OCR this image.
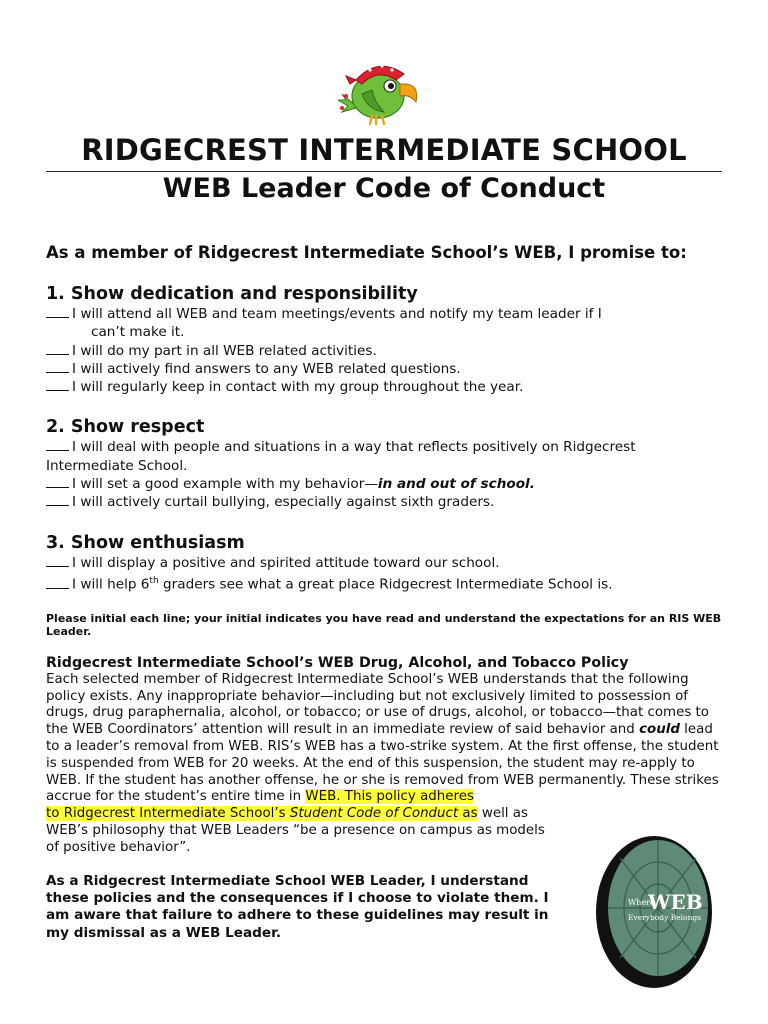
RIDGECREST INTERMEDIATE SCHOOL
WEB Leader Code of Conduct

As a member of Ridgecrest Intermediate School’s WEB, I promise to:

1. Show dedication and responsibility

I will attend all WEB and team meetings/events and notify my team leader if I

can’t make it.

I will do my part in all WEB related activities.

I will actively find answers to any WEB related questions.

I will regularly keep in contact with my group throughout the year.

2. Show respect

I will deal with people and situations in a way that reflects positively on Ridgecrest

Intermediate School.

I will set a good example with my behavior—in and out of school.

I will actively curtail bullying, especially against sixth graders.

3. Show enthusiasm

I will display a positive and spirited attitude toward our school.

I will help 6th graders see what a great place Ridgecrest Intermediate School is.

Please initial each line; your initial indicates you have read and understand the expectations for an RIS WEB Leader.

Ridgecrest Intermediate School’s WEB Drug, Alcohol, and Tobacco Policy

Each selected member of Ridgecrest Intermediate School’s WEB understands that the following policy exists. Any inappropriate behavior—including but not exclusively limited to possession of drugs, drug paraphernalia, alcohol, or tobacco; or use of drugs, alcohol, or tobacco—that comes to the WEB Coordinators’ attention will result in an immediate review of said behavior and could lead to a leader’s removal from WEB. RIS’s WEB has a two-strike system. At the first offense, the student is suspended from WEB for 20 weeks. At the end of this suspension, the student may re-apply to WEB. If the student has another offense, he or she is removed from WEB permanently. These strikes accrue for the student’s entire time in WEB. This policy adheres
to Ridgecrest Intermediate School’s Student Code of Conduct as well as

WEB’s philosophy that WEB Leaders “be a presence on campus as models of positive behavior”.

As a Ridgecrest Intermediate School WEB Leader, I understand these policies and the consequences if I choose to violate them. I am aware that failure to adhere to these guidelines may result in my dismissal as a WEB Leader.

Where
WEB
Everybody Belongs
